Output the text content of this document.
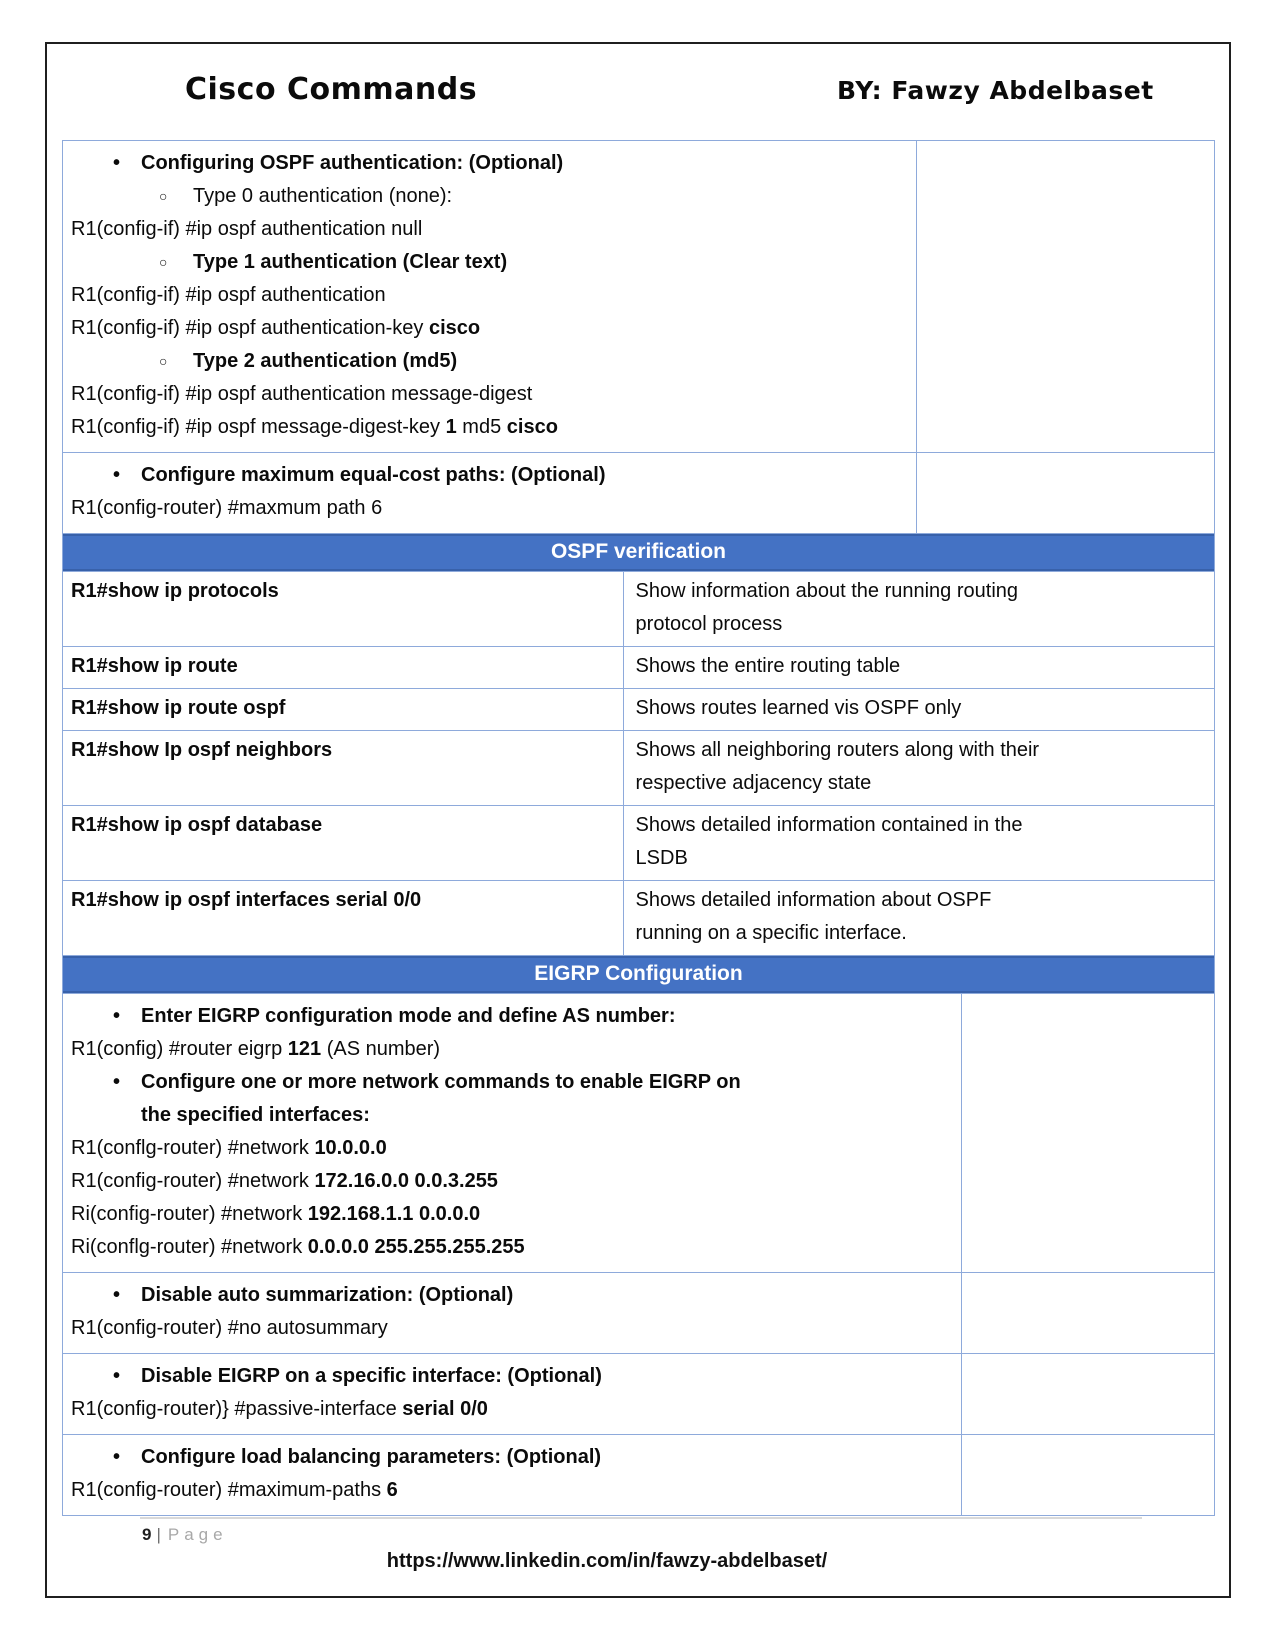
Cisco Commands	BY: Fawzy Abdelbaset
•	Configuring OSPF authentication: (Optional)
○	Type 0 authentication (none):
R1(config-if) #ip ospf authentication null
○	Type 1 authentication (Clear text)
R1(config-if) #ip ospf authentication
R1(config-if) #ip ospf authentication-key cisco
○	Type 2 authentication (md5)
R1(config-if) #ip ospf authentication message-digest
R1(config-if) #ip ospf message-digest-key 1 md5 cisco
•	Configure maximum equal-cost paths: (Optional)
R1(config-router) #maxmum path 6
OSPF verification
R1#show ip protocols	Show information about the running routing
protocol process
R1#show ip route	Shows the entire routing table
R1#show ip route ospf	Shows routes learned vis OSPF only
R1#show Ip ospf neighbors	Shows all neighboring routers along with their
respective adjacency state
R1#show ip ospf database	Shows detailed information contained in the
LSDB
R1#show ip ospf interfaces serial 0/0	Shows detailed information about OSPF
running on a specific interface.
EIGRP Configuration
•	Enter EIGRP configuration mode and define AS number:
R1(config) #router eigrp 121 (AS number)
•	Configure one or more network commands to enable EIGRP on
the specified interfaces:
R1(conflg-router) #network 10.0.0.0
R1(config-router) #network 172.16.0.0 0.0.3.255
Ri(config-router) #network 192.168.1.1 0.0.0.0
Ri(conflg-router) #network 0.0.0.0 255.255.255.255
•	Disable auto summarization: (Optional)
R1(config-router) #no autosummary
•	Disable EIGRP on a specific interface: (Optional)
R1(config-router)} #passive-interface serial 0/0
•	Configure load balancing parameters: (Optional)
R1(config-router) #maximum-paths 6
9 | Page
https://www.linkedin.com/in/fawzy-abdelbaset/
